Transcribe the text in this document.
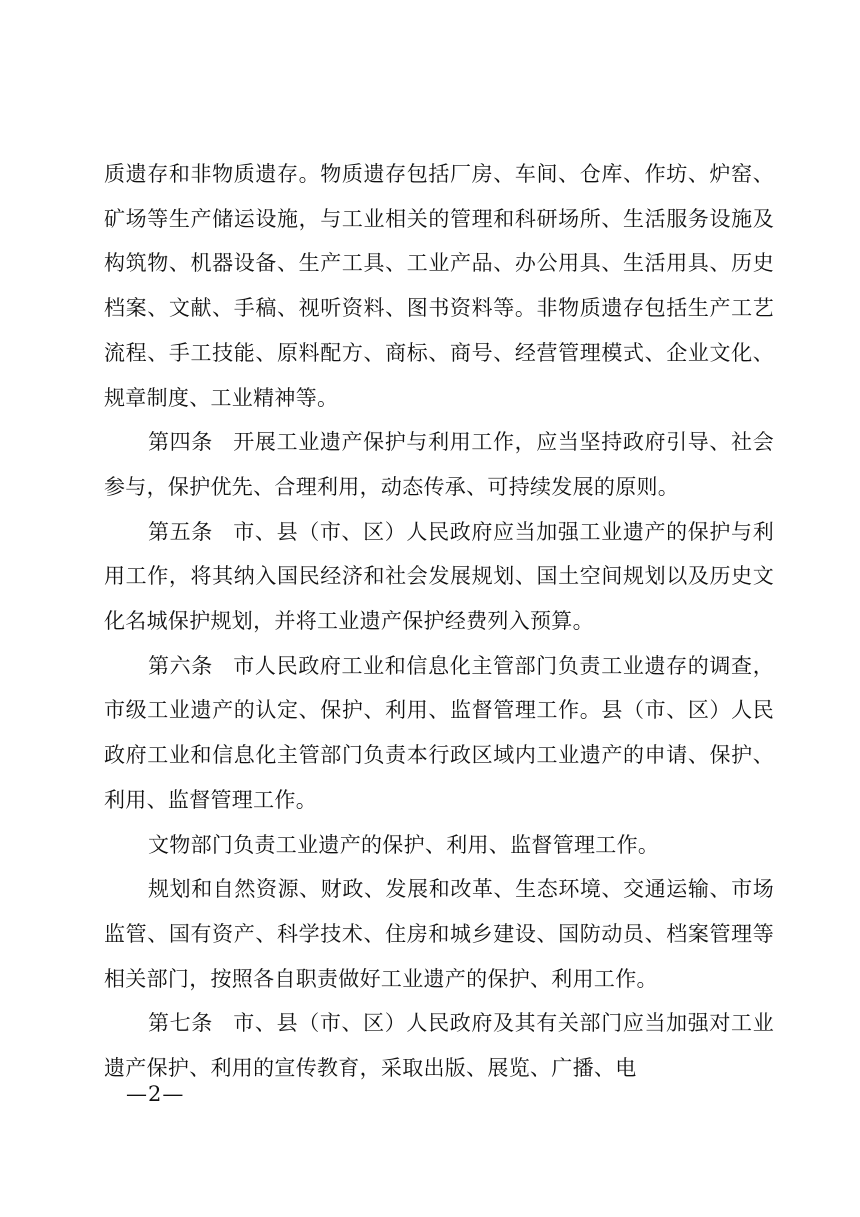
质遗存和非物质遗存。物质遗存包括厂房、车间、仓库、作坊、炉窑、矿场等生产储运设施，与工业相关的管理和科研场所、生活服务设施及构筑物、机器设备、生产工具、工业产品、办公用具、生活用具、历史档案、文献、手稿、视听资料、图书资料等。非物质遗存包括生产工艺流程、手工技能、原料配方、商标、商号、经营管理模式、企业文化、规章制度、工业精神等。

第四条 开展工业遗产保护与利用工作，应当坚持政府引导、社会参与，保护优先、合理利用，动态传承、可持续发展的原则。

第五条 市、县（市、区）人民政府应当加强工业遗产的保护与利用工作，将其纳入国民经济和社会发展规划、国土空间规划以及历史文化名城保护规划，并将工业遗产保护经费列入预算。

第六条 市人民政府工业和信息化主管部门负责工业遗存的调查，市级工业遗产的认定、保护、利用、监督管理工作。县（市、区）人民政府工业和信息化主管部门负责本行政区域内工业遗产的申请、保护、利用、监督管理工作。

文物部门负责工业遗产的保护、利用、监督管理工作。

规划和自然资源、财政、发展和改革、生态环境、交通运输、市场监管、国有资产、科学技术、住房和城乡建设、国防动员、档案管理等相关部门，按照各自职责做好工业遗产的保护、利用工作。

第七条 市、县（市、区）人民政府及其有关部门应当加强对工业遗产保护、利用的宣传教育，采取出版、展览、广播、电

—2—
